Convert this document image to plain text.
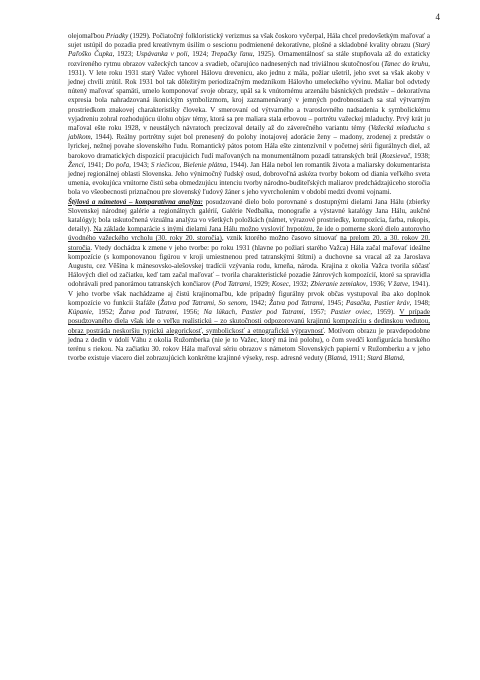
4

olejomaľbou Priadky (1929). Počiatočný folkloristický verizmus sa však čoskoro vyčerpal, Hála chcel predovšetkým maľovať a sujet ustúpil do pozadia pred kreatívnym úsilím o sescionu podmienené dekoratívne, plošné a skladobné kvality obrazu (Starý Paľoško Čupka, 1923; Uspávanka v poli, 1924; Trepačky ľanu, 1925). Ornamentálnosť sa stále stupňovala až do extaticky rozvíreného rytmu obrazov važeckých tancov a svadieb, očarujúco nadnesených nad triviálnou skutočnosťou (Tanec do kruhu, 1931). V lete roku 1931 starý Važec vyhorel Hálovu drevenicu, ako jednu z mála, požiar ušetril, jeho svet sa však akoby v jednej chvíli zrútil. Rok 1931 bol tak dôležitým periodizačným medzníkom Hálovho umeleckého vývinu. Maliar bol odvtedy nútený maľovať spamäti, umelo komponovať svoje obrazy, upäl sa k vnútornému arzenálu básnických predstáv – dekoratívna expresia bola nahradzovaná ikonickým symbolizmom, kroj zaznamenávaný v jemných podrobnostiach sa stal výtvarným prostriedkom znakovej charakteristiky človeka. V smerovaní od výtvarného a tvaroslovného nadsadenia k symbolickému vyjadreniu zohral rozhodujúcu úlohu objav témy, ktorá sa pre maliara stala erbovou – portrétu važeckej mladuchy. Prvý krát ju maľoval ešte roku 1928, v neustálych návratoch precizoval detaily až do záverečného variantu témy (Važecká mladucha s jablkom, 1944). Reálny portrétny sujet bol prenesený do polohy inotajovej adorácie ženy – madony, zrodenej z predstáv o lyrickej, nežnej povahe slovenského ľudu. Romantický pátos potom Hála ešte zintenzívnil v početnej sérii figurálnych diel, až barokovo dramatických dispozícií pracujúcich ľudí maľovaných na monumentálnom pozadí tatranských brál (Rozsievač, 1938; Ženci, 1941; Do poľa, 1943; S riečicou, Bielenie plátna, 1944). Jan Hála nebol len romantik života a maliarsky dokumentarista jednej regionálnej oblasti Slovenska. Jeho výnimočný ľudský osud, dobrovoľná askéza tvorby bokom od diania veľkého sveta umenia, evokujúca vnútorne čistú seba obmedzujúcu intenciu tvorby národno-buditeľských maliarov predchádzajúceho storočia bola vo všeobecnosti priznačnou pre slovenský ľudový žáner s jeho vyvrcholením v období medzi dvomi vojnami.

Štýlová a námetová – komparatívna analýza: posudzované dielo bolo porovnané s dostupnými dielami Jana Hálu (zbierky Slovenskej národnej galérie a regionálnych galérií, Galérie Nedbalka, monografie a výstavné katalógy Jana Hálu, aukčné katalógy); bola uskutočnená vizuálna analýza vo všetkých položkách (námet, výrazové prostriedky, kompozícia, farba, rukopis, detaily). Na základe komparácie s inými dielami Jana Hálu možno vysloviť hypotézu, že ide o pomerne skoré dielo autorovho úvodného važeckého vrcholu (30. roky 20. storočia), vznik ktorého možno časovo situovať na prelom 20. a 30. rokov 20. storočia. Vtedy dochádza k zmene v jeho tvorbe: po roku 1931 (hlavne po požiari starého Važca) Hála začal maľovať ideálne kompozície (s komponovanou figúrou v kroji umiestnenou pred tatranskými štítmi) a duchovne sa vracal až za Jaroslava Augustu, cez Věšína k mánesovsko-alešovskej tradícii vzývania rodu, kmeňa, národa. Krajina z okolia Važca tvorila súčasť Hálových diel od začiatku, keď tam začal maľovať – tvorila charakteristické pozadie žánrových kompozícií, ktoré sa spravidla odohrávali pred panorámou tatranských končiarov (Pod Tatrami, 1929; Kosec, 1932; Zbieranie zemiakov, 1936; V žatve, 1941). V jeho tvorbe však nachádzame aj čistú krajinomaľbu, kde prípadný figurálny prvok občas vystupoval iba ako doplnok kompozície vo funkcii štafáže (Žatva pod Tatrami, So senom, 1942; Žatva pod Tatrami, 1945; Pasačka, Pastier kráv, 1948; Kúpanie, 1952; Žatva pod Tatrami, 1956; Na lúkach, Pastier pod Tatrami, 1957; Pastier oviec, 1959). V prípade posudzovaného diela však ide o veľku realistickú – zo skutočnosti odpozorovanú krajinnú kompozíciu s dedinskou vedutou, obraz postráda neskoršiu typickú alegorickosť, symbolickosť a etnografickú výpravnosť. Motívom obrazu je pravdepodobne jedna z dedín v údolí Váhu z okolia Ružomberka (nie je to Važec, ktorý má inú polohu), o čom svedčí konfigurácia horského terénu s riekou. Na začiatku 30. rokov Hála maľoval sériu obrazov s námetom Slovenských papierní v Ružomberku a v jeho tvorbe existuje viacero diel zobrazujúcich konkrétne krajinné výseky, resp. adresné veduty (Blatná, 1911; Stará Blatná,
